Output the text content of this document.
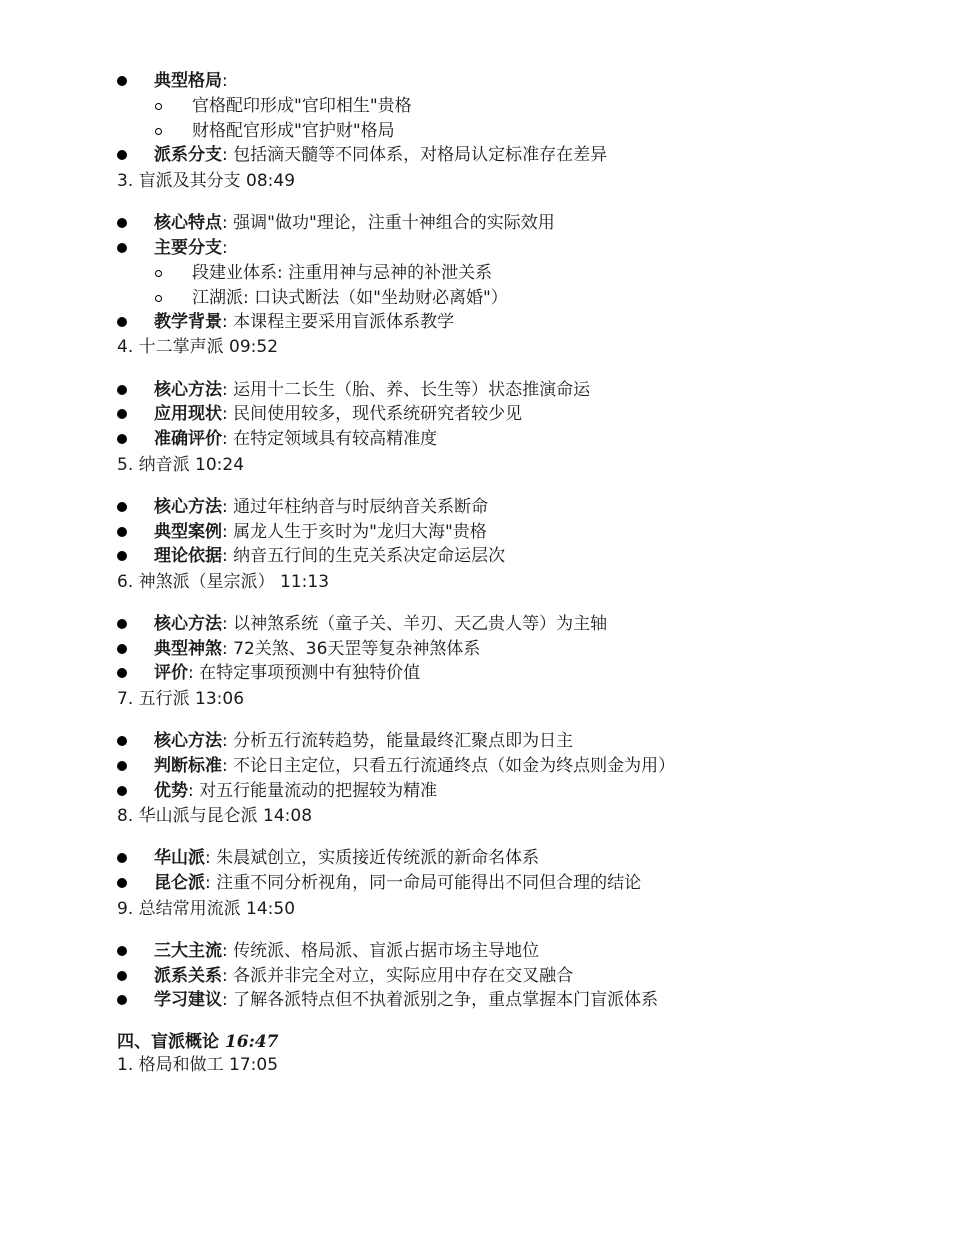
典型格局:
官格配印形成"官印相生"贵格
财格配官形成"官护财"格局
派系分支: 包括滴天髓等不同体系，对格局认定标准存在差异
3. 盲派及其分支 08:49
核心特点: 强调"做功"理论，注重十神组合的实际效用
主要分支:
段建业体系: 注重用神与忌神的补泄关系
江湖派: 口诀式断法（如"坐劫财必离婚"）
教学背景: 本课程主要采用盲派体系教学
4. 十二掌声派 09:52
核心方法: 运用十二长生（胎、养、长生等）状态推演命运
应用现状: 民间使用较多，现代系统研究者较少见
准确评价: 在特定领域具有较高精准度
5. 纳音派 10:24
核心方法: 通过年柱纳音与时辰纳音关系断命
典型案例: 属龙人生于亥时为"龙归大海"贵格
理论依据: 纳音五行间的生克关系决定命运层次
6. 神煞派（星宗派） 11:13
核心方法: 以神煞系统（童子关、羊刃、天乙贵人等）为主轴
典型神煞: 72关煞、36天罡等复杂神煞体系
评价: 在特定事项预测中有独特价值
7. 五行派 13:06
核心方法: 分析五行流转趋势，能量最终汇聚点即为日主
判断标准: 不论日主定位，只看五行流通终点（如金为终点则金为用）
优势: 对五行能量流动的把握较为精准
8. 华山派与昆仑派 14:08
华山派: 朱晨斌创立，实质接近传统派的新命名体系
昆仑派: 注重不同分析视角，同一命局可能得出不同但合理的结论
9. 总结常用流派 14:50
三大主流: 传统派、格局派、盲派占据市场主导地位
派系关系: 各派并非完全对立，实际应用中存在交叉融合
学习建议: 了解各派特点但不执着派别之争，重点掌握本门盲派体系
四、盲派概论 16:47
1. 格局和做工 17:05
